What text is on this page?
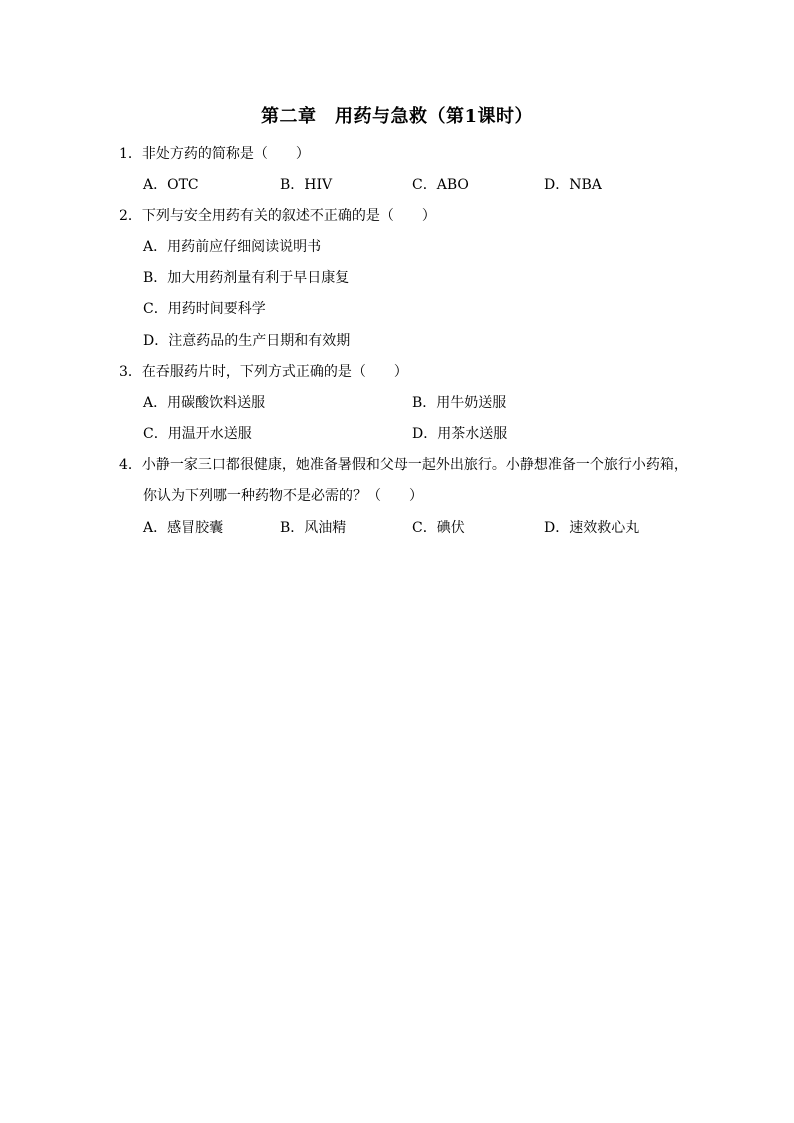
第二章　用药与急救（第1课时）
1．非处方药的简称是（　　）
A．OTC	B．HIV	C．ABO	D．NBA
2．下列与安全用药有关的叙述不正确的是（　　）
A．用药前应仔细阅读说明书
B．加大用药剂量有利于早日康复
C．用药时间要科学
D．注意药品的生产日期和有效期
3．在吞服药片时，下列方式正确的是（　　）
A．用碳酸饮料送服	B．用牛奶送服
C．用温开水送服	D．用茶水送服
4．小静一家三口都很健康，她准备暑假和父母一起外出旅行。小静想准备一个旅行小药箱，
你认为下列哪一种药物不是必需的？（　　）
A．感冒胶囊	B．风油精	C．碘伏	D．速效救心丸
